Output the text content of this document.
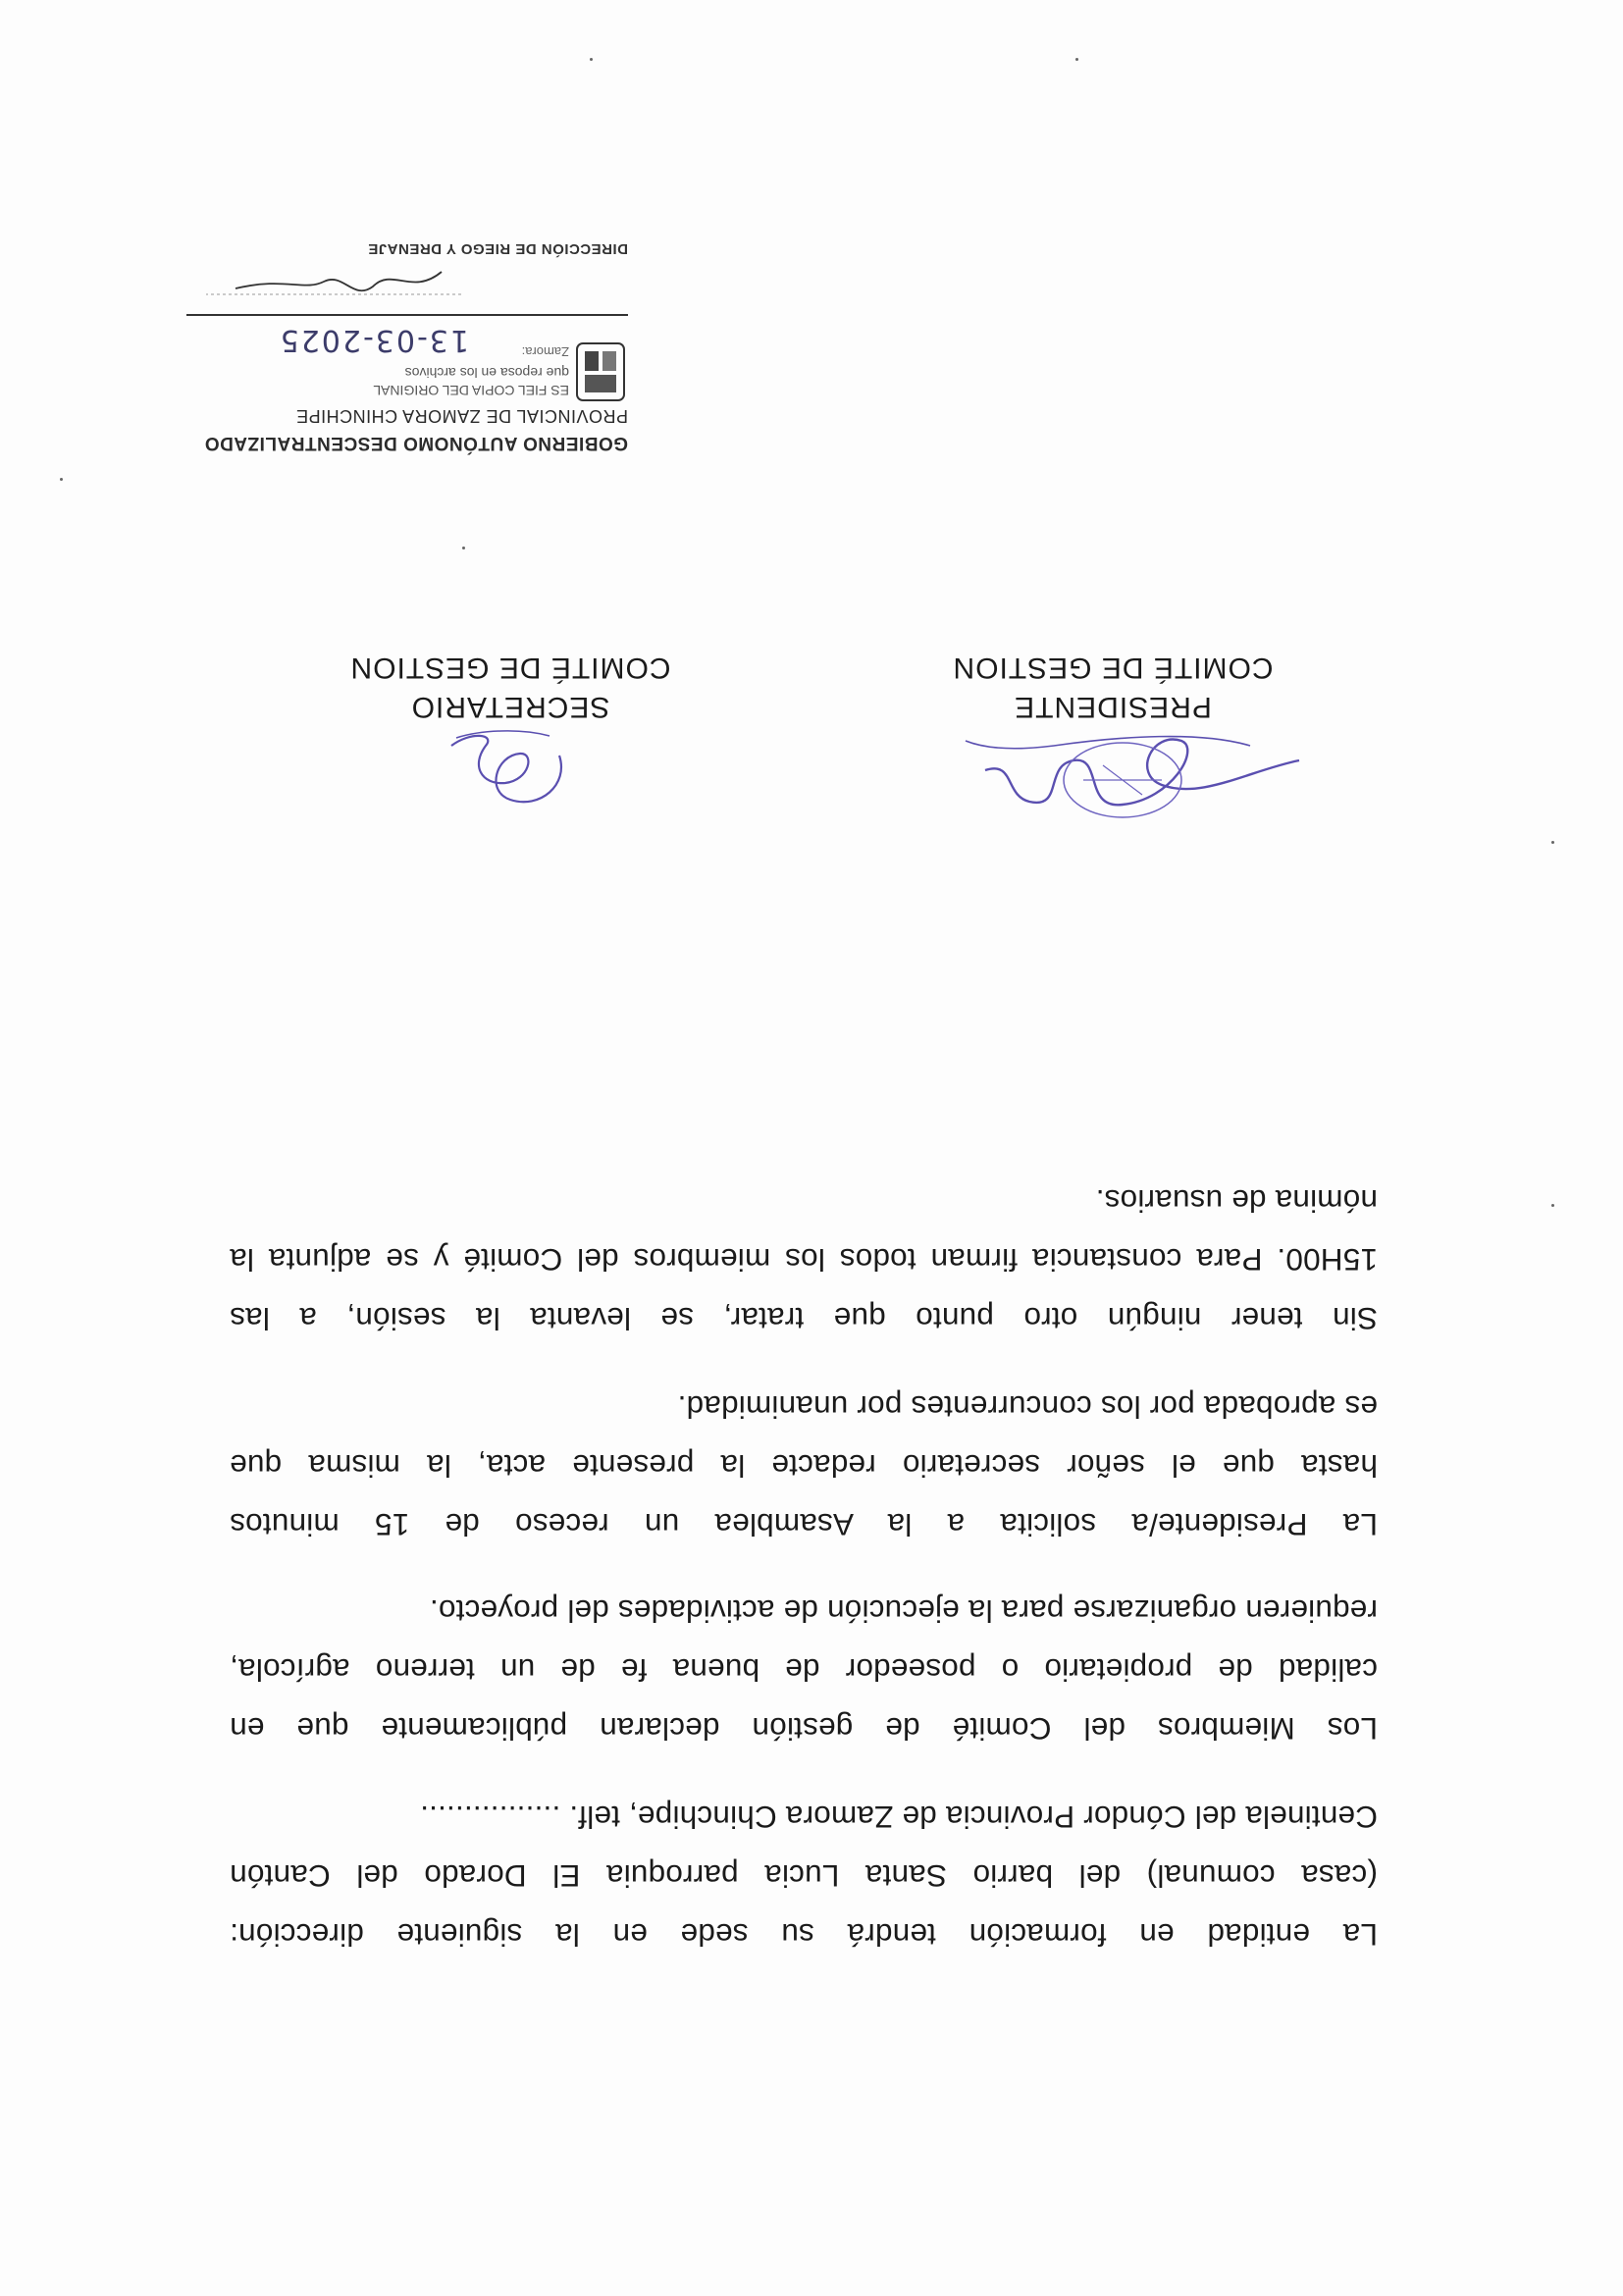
La entidad en formación tendrá su sede en la siguiente dirección:
(casa comunal) del barrio Santa Lucia parroquia El Dorado del Cantón
Centinela del Cóndor Provincia de Zamora Chinchipe, telf. ................
Los Miembros del Comité de gestión declaran públicamente que en
calidad de propietario o poseedor de buena fe de un terreno agrícola,
requieren organizarse para la ejecución de actividades del proyecto.
La Presidente/a solicita a la Asamblea un receso de 15 minutos
hasta que el señor secretario redacte la presente acta, la misma que
es aprobada por los concurrentes por unanimidad.
Sin tener ningún otro punto que tratar, se levanta la sesión, a las
15H00. Para constancia firman todos los miembros del Comité y se adjunta la
nómina de usuarios.
PRESIDENTE
COMITÉ DE GESTION
SECRETARIO
COMITÉ DE GESTION
GOBIERNO AUTÓNOMO DESCENTRALIZADO
PROVINCIAL DE ZAMORA CHINCHIPE
ES FIEL COPIA DEL ORIGINAL
que reposa en los archivos
Zamora:
13-03-2025
DIRECCIÓN DE RIEGO Y DRENAJE
